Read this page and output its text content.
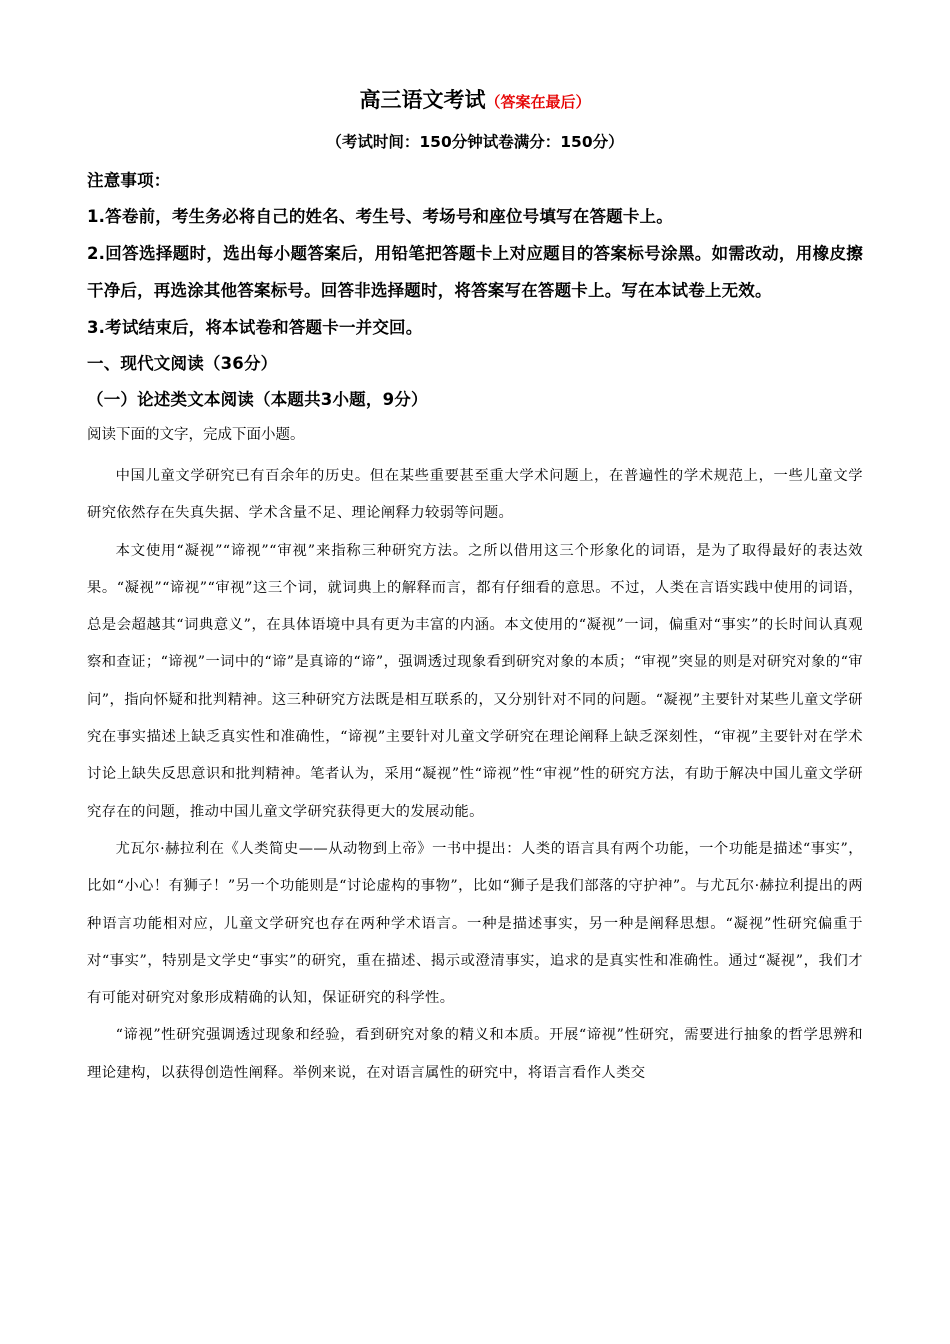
高三语文考试（答案在最后）
（考试时间：150分钟试卷满分：150分）
注意事项：
1.答卷前，考生务必将自己的姓名、考生号、考场号和座位号填写在答题卡上。
2.回答选择题时，选出每小题答案后，用铅笔把答题卡上对应题目的答案标号涂黑。如需改动，用橡皮擦干净后，再选涂其他答案标号。回答非选择题时，将答案写在答题卡上。写在本试卷上无效。
3.考试结束后，将本试卷和答题卡一并交回。
一、现代文阅读（36分）
（一）论述类文本阅读（本题共3小题，9分）
阅读下面的文字，完成下面小题。

中国儿童文学研究已有百余年的历史。但在某些重要甚至重大学术问题上，在普遍性的学术规范上，一些儿童文学研究依然存在失真失据、学术含量不足、理论阐释力较弱等问题。

本文使用“凝视”“谛视”“审视”来指称三种研究方法。之所以借用这三个形象化的词语，是为了取得最好的表达效果。“凝视”“谛视”“审视”这三个词，就词典上的解释而言，都有仔细看的意思。不过，人类在言语实践中使用的词语，总是会超越其“词典意义”，在具体语境中具有更为丰富的内涵。本文使用的“凝视”一词，偏重对“事实”的长时间认真观察和查证；“谛视”一词中的“谛”是真谛的“谛”，强调透过现象看到研究对象的本质；“审视”突显的则是对研究对象的“审问”，指向怀疑和批判精神。这三种研究方法既是相互联系的，又分别针对不同的问题。“凝视”主要针对某些儿童文学研究在事实描述上缺乏真实性和准确性，“谛视”主要针对儿童文学研究在理论阐释上缺乏深刻性，“审视”主要针对在学术讨论上缺失反思意识和批判精神。笔者认为，采用“凝视”性“谛视”性“审视”性的研究方法，有助于解决中国儿童文学研究存在的问题，推动中国儿童文学研究获得更大的发展动能。

尤瓦尔·赫拉利在《人类简史——从动物到上帝》一书中提出：人类的语言具有两个功能，一个功能是描述“事实”，比如“小心！有狮子！”另一个功能则是“讨论虚构的事物”，比如“狮子是我们部落的守护神”。与尤瓦尔·赫拉利提出的两种语言功能相对应，儿童文学研究也存在两种学术语言。一种是描述事实，另一种是阐释思想。“凝视”性研究偏重于对“事实”，特别是文学史“事实”的研究，重在描述、揭示或澄清事实，追求的是真实性和准确性。通过“凝视”，我们才有可能对研究对象形成精确的认知，保证研究的科学性。

“谛视”性研究强调透过现象和经验，看到研究对象的精义和本质。开展“谛视”性研究，需要进行抽象的哲学思辨和理论建构，以获得创造性阐释。举例来说，在对语言属性的研究中，将语言看作人类交
